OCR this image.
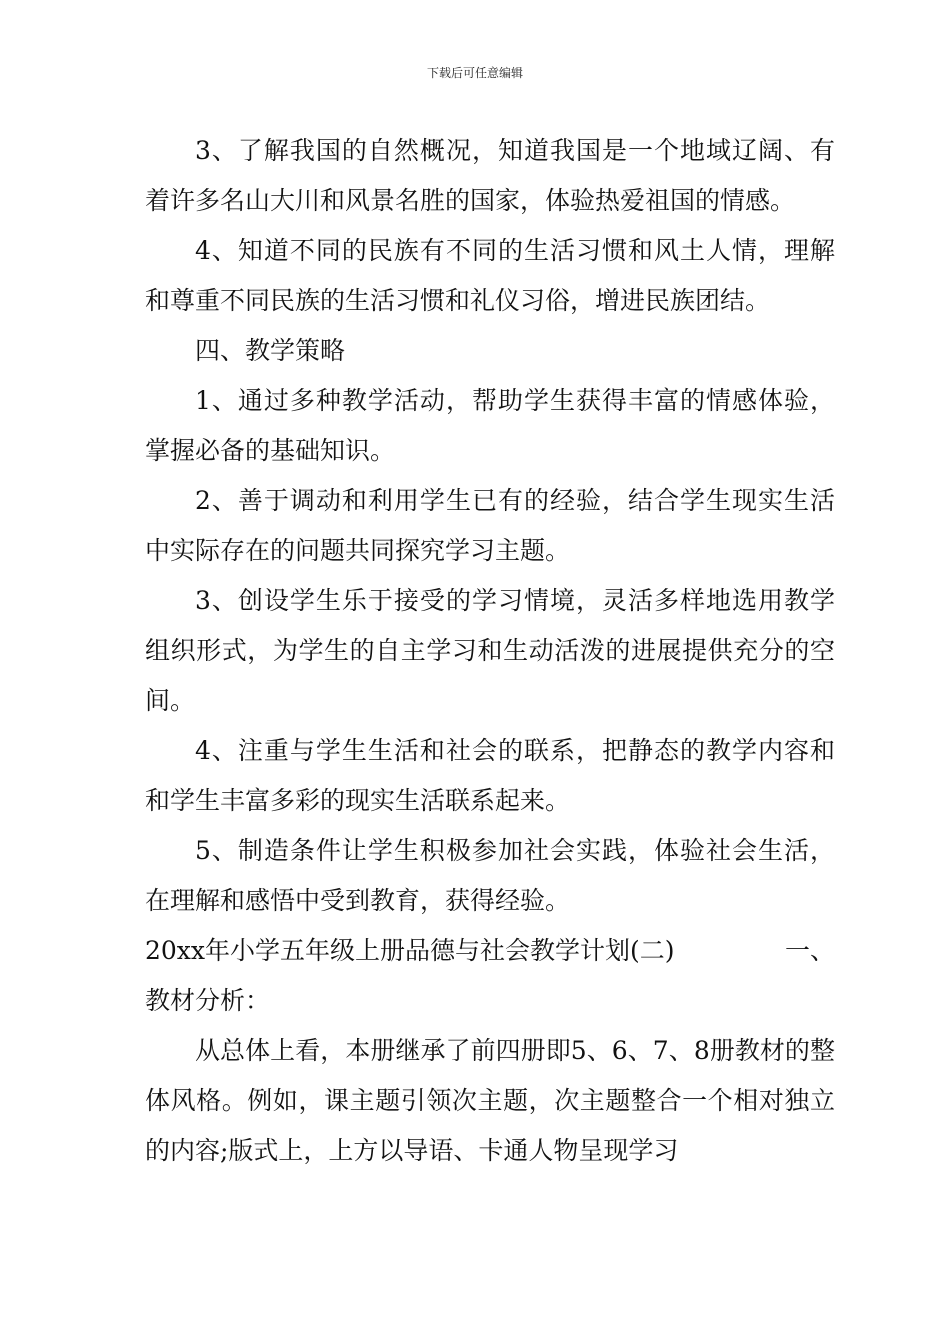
下载后可任意编辑

3、了解我国的自然概况，知道我国是一个地域辽阔、有着许多名山大川和风景名胜的国家，体验热爱祖国的情感。

4、知道不同的民族有不同的生活习惯和风土人情，理解和尊重不同民族的生活习惯和礼仪习俗，增进民族团结。

四、教学策略

1、通过多种教学活动，帮助学生获得丰富的情感体验，掌握必备的基础知识。

2、善于调动和利用学生已有的经验，结合学生现实生活中实际存在的问题共同探究学习主题。

3、创设学生乐于接受的学习情境，灵活多样地选用教学组织形式，为学生的自主学习和生动活泼的进展提供充分的空间。

4、注重与学生生活和社会的联系，把静态的教学内容和和学生丰富多彩的现实生活联系起来。

5、制造条件让学生积极参加社会实践，体验社会生活，在理解和感悟中受到教育，获得经验。

20xx年小学五年级上册品德与社会教学计划(二)	一、

教材分析：

从总体上看，本册继承了前四册即5、6、7、8册教材的整体风格。例如，课主题引领次主题，次主题整合一个相对独立的内容;版式上，上方以导语、卡通人物呈现学习
